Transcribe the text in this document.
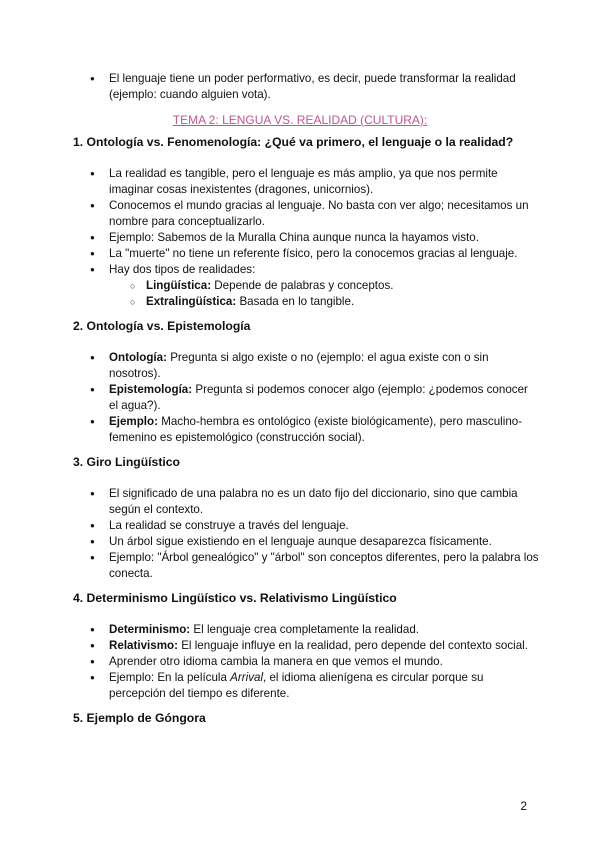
● El lenguaje tiene un poder performativo, es decir, puede transformar la realidad (ejemplo: cuando alguien vota).
TEMA 2: LENGUA VS. REALIDAD (CULTURA):
1. Ontología vs. Fenomenología: ¿Qué va primero, el lenguaje o la realidad?
● La realidad es tangible, pero el lenguaje es más amplio, ya que nos permite imaginar cosas inexistentes (dragones, unicornios).
● Conocemos el mundo gracias al lenguaje. No basta con ver algo; necesitamos un nombre para conceptualizarlo.
● Ejemplo: Sabemos de la Muralla China aunque nunca la hayamos visto.
● La "muerte" no tiene un referente físico, pero la conocemos gracias al lenguaje.
● Hay dos tipos de realidades:
○ Lingüística: Depende de palabras y conceptos.
○ Extralingüística: Basada en lo tangible.
2. Ontología vs. Epistemología
● Ontología: Pregunta si algo existe o no (ejemplo: el agua existe con o sin nosotros).
● Epistemología: Pregunta si podemos conocer algo (ejemplo: ¿podemos conocer el agua?).
● Ejemplo: Macho-hembra es ontológico (existe biológicamente), pero masculino-femenino es epistemológico (construcción social).
3. Giro Lingüístico
● El significado de una palabra no es un dato fijo del diccionario, sino que cambia según el contexto.
● La realidad se construye a través del lenguaje.
● Un árbol sigue existiendo en el lenguaje aunque desaparezca físicamente.
● Ejemplo: "Árbol genealógico" y "árbol" son conceptos diferentes, pero la palabra los conecta.
4. Determinismo Lingüístico vs. Relativismo Lingüístico
● Determinismo: El lenguaje crea completamente la realidad.
● Relativismo: El lenguaje influye en la realidad, pero depende del contexto social.
● Aprender otro idioma cambia la manera en que vemos el mundo.
● Ejemplo: En la película Arrival, el idioma alienígena es circular porque su percepción del tiempo es diferente.
5. Ejemplo de Góngora
2
